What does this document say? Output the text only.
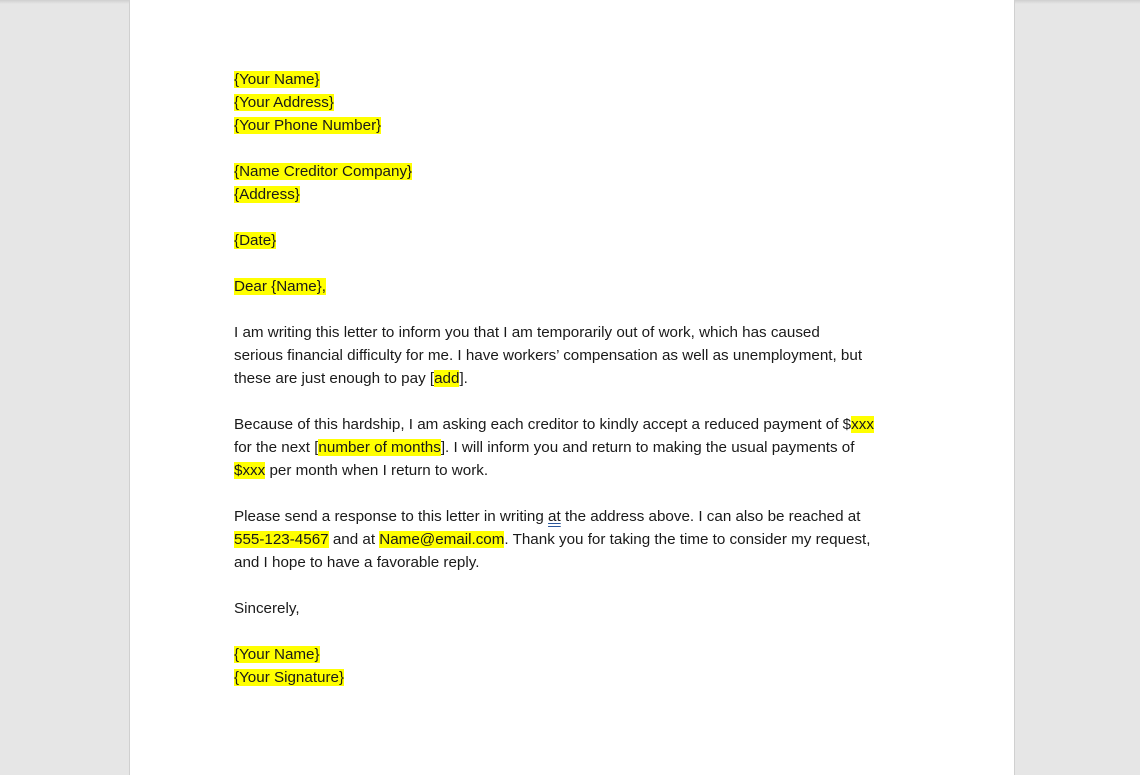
{Your Name}
{Your Address}
{Your Phone Number}
{Name Creditor Company}
{Address}
{Date}
Dear {Name},
I am writing this letter to inform you that I am temporarily out of work, which has caused
serious financial difficulty for me. I have workers’ compensation as well as unemployment, but
these are just enough to pay [add].
Because of this hardship, I am asking each creditor to kindly accept a reduced payment of $xxx
for the next [number of months]. I will inform you and return to making the usual payments of
$xxx per month when I return to work.
Please send a response to this letter in writing at the address above. I can also be reached at
555-123-4567 and at Name@email.com. Thank you for taking the time to consider my request,
and I hope to have a favorable reply.
Sincerely,
{Your Name}
{Your Signature}
